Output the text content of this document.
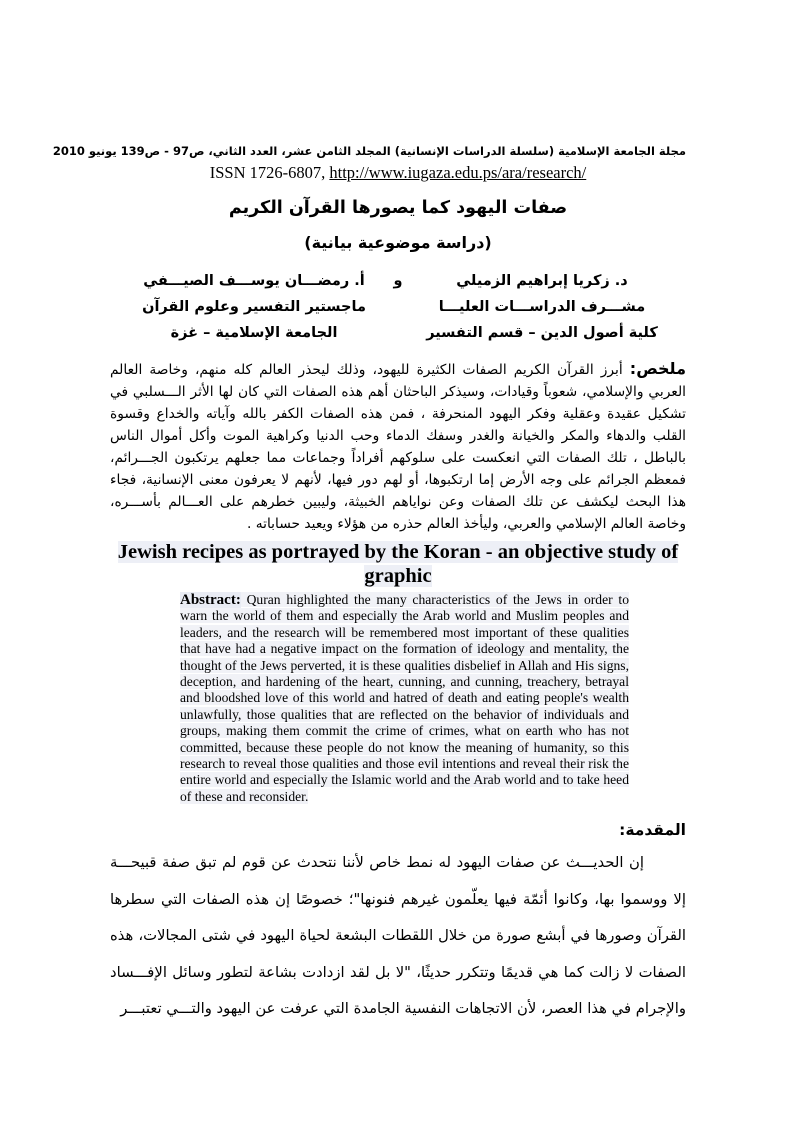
مجلة الجامعة الإسلامية (سلسلة الدراسات الإنسانية) المجلد الثامن عشر، العدد الثاني، ص97 - ص139 يونيو 2010
ISSN 1726-6807, http://www.iugaza.edu.ps/ara/research/
صفات اليهود كما يصورها القرآن الكريم
(دراسة موضوعية بيانية)
د. زكريا إبراهيم الزميلي
و
أ. رمضـــان يوســـف الصيـــفي
مشـــرف الدراســـات العليـــا
ماجستير التفسير وعلوم القرآن
كلية أصول الدين – قسم التفسير
الجامعة الإسلامية – غزة
ملخص: أبرز القرآن الكريم الصفات الكثيرة لليهود، وذلك ليحذر العالم كله منهم، وخاصة العالم العربي والإسلامي، شعوباً وقيادات، وسيذكر الباحثان أهم هذه الصفات التي كان لها الأثر الـــسلبي في تشكيل عقيدة وعقلية وفكر اليهود المنحرفة ، فمن هذه الصفات الكفر بالله وآياته والخداع وقسوة القلب والدهاء والمكر والخيانة والغدر وسفك الدماء وحب الدنيا وكراهية الموت وأكل أموال الناس بالباطل ، تلك الصفات التي انعكست على سلوكهم أفراداً وجماعات مما جعلهم يرتكبون الجـــرائم، فمعظم الجرائم على وجه الأرض إما ارتكبوها، أو لهم دور فيها، لأنهم لا يعرفون معنى الإنسانية، فجاء هذا البحث ليكشف عن تلك الصفات وعن نواياهم الخبيثة، وليبين خطرهم على العـــالم بأســـره، وخاصة العالم الإسلامي والعربي، وليأخذ العالم حذره من هؤلاء ويعيد حساباته .
Jewish recipes as portrayed by the Koran - an objective study of graphic
Abstract: Quran highlighted the many characteristics of the Jews in order to warn the world of them and especially the Arab world and Muslim peoples and leaders, and the research will be remembered most important of these qualities that have had a negative impact on the formation of ideology and mentality, the thought of the Jews perverted, it is these qualities disbelief in Allah and His signs, deception, and hardening of the heart, cunning, and cunning, treachery, betrayal and bloodshed love of this world and hatred of death and eating people's wealth unlawfully, those qualities that are reflected on the behavior of individuals and groups, making them commit the crime of crimes, what on earth who has not committed, because these people do not know the meaning of humanity, so this research to reveal those qualities and those evil intentions and reveal their risk the entire world and especially the Islamic world and the Arab world and to take heed of these and reconsider.
المقدمة:
إن الحديـــث عن صفات اليهود له نمط خاص لأننا نتحدث عن قوم لم تبق صفة قبيحـــة إلا ووسموا بها، وكانوا أئمّة فيها يعلّمون غيرهم فنونها"؛ خصوصًا إن هذه الصفات التي سطرها القرآن وصورها في أبشع صورة من خلال اللقطات البشعة لحياة اليهود في شتى المجالات، هذه الصفات لا زالت كما هي قديمًا وتتكرر حديثًا، "لا بل لقد ازدادت بشاعة لتطور وسائل الإفـــساد والإجرام في هذا العصر، لأن الاتجاهات النفسية الجامدة التي عرفت عن اليهود والتـــي تعتبـــر
